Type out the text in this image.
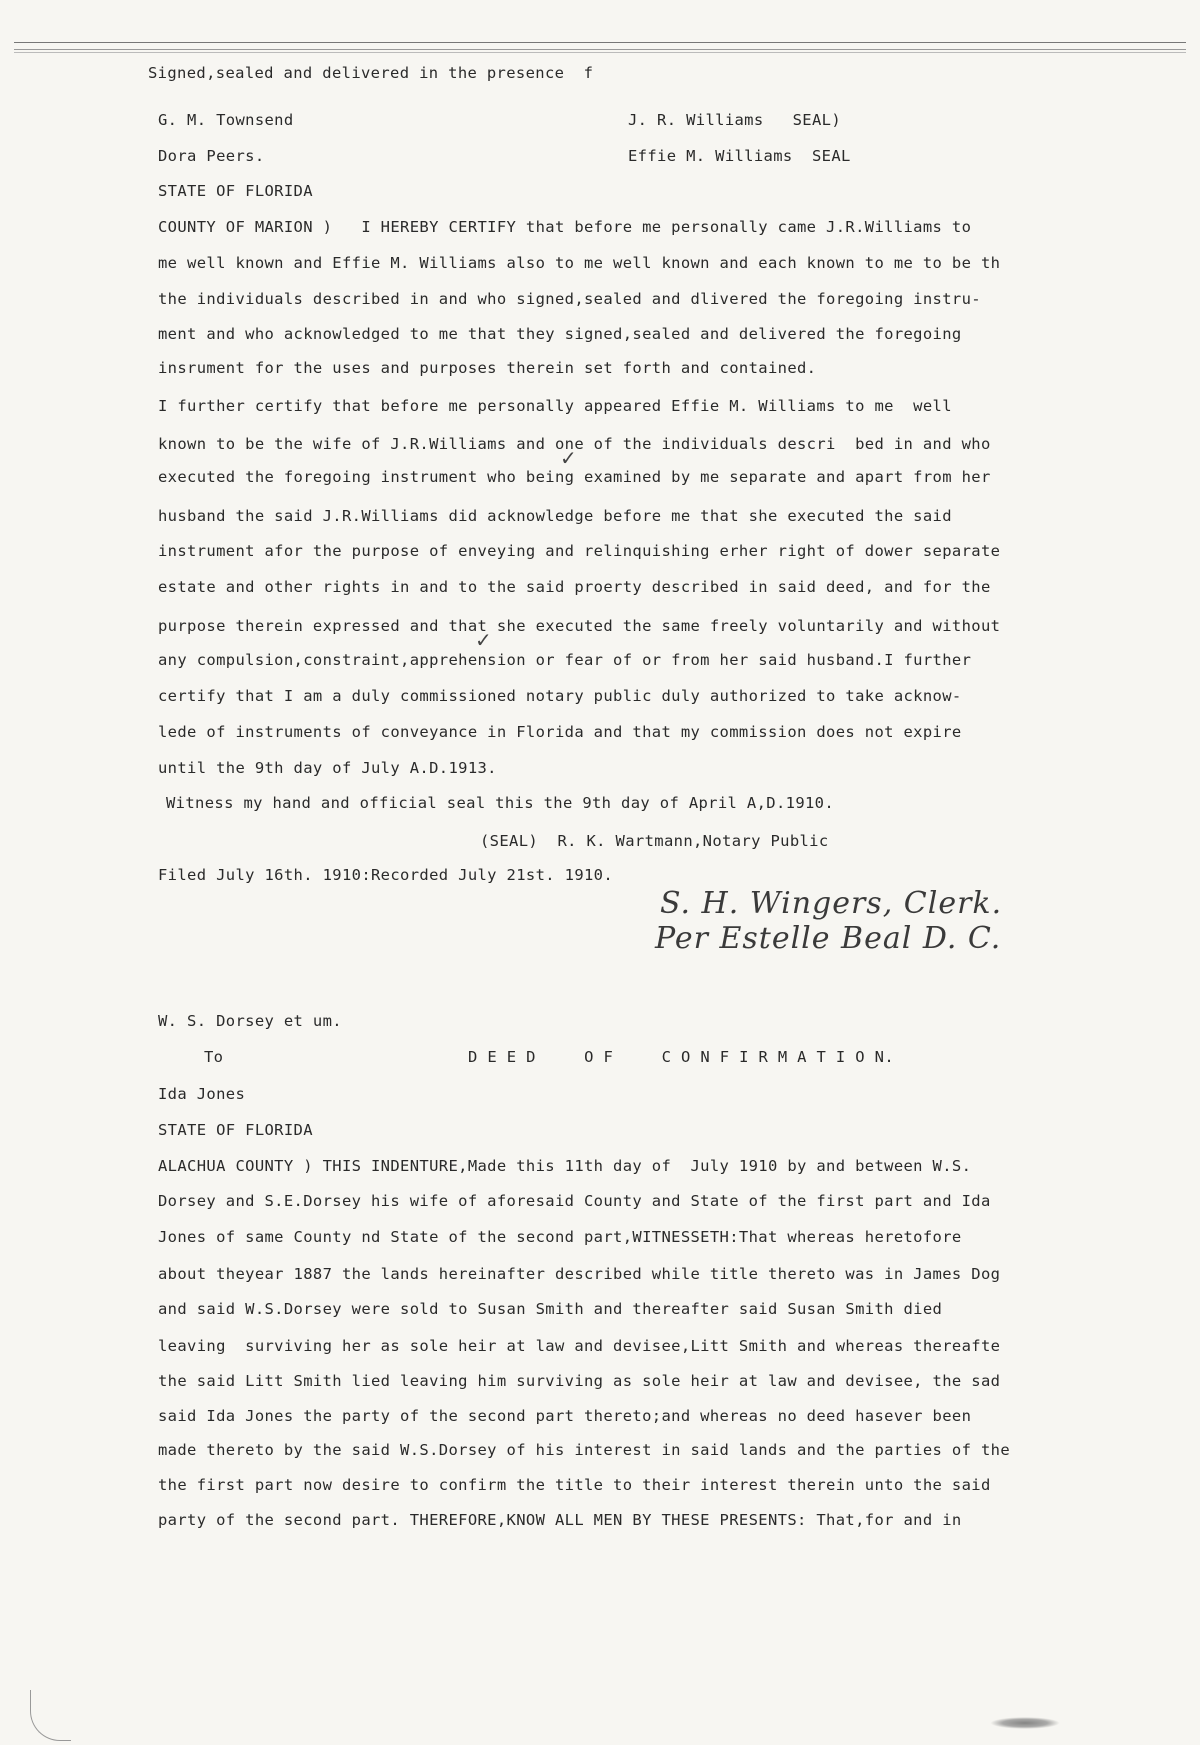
Signed,sealed and delivered in the presence  f
G. M. Townsend	J. R. Williams   SEAL)
Dora Peers.	Effie M. Williams  SEAL
STATE OF FLORIDA
COUNTY OF MARION )   I HEREBY CERTIFY that before me personally came J.R.Williams to
me well known and Effie M. Williams also to me well known and each known to me to be th
the individuals described in and who signed,sealed and dlivered the foregoing instru-
ment and who acknowledged to me that they signed,sealed and delivered the foregoing
insrument for the uses and purposes therein set forth and contained.
I further certify that before me personally appeared Effie M. Williams to me  well
known to be the wife of J.R.Williams and one of the individuals descri  bed in and who
✓
executed the foregoing instrument who being examined by me separate and apart from her
husband the said J.R.Williams did acknowledge before me that she executed the said
instrument afor the purpose of enveying and relinquishing erher right of dower separate
estate and other rights in and to the said proerty described in said deed, and for the
purpose therein expressed and that she executed the same freely voluntarily and without
✓
any compulsion,constraint,apprehension or fear of or from her said husband.I further
certify that I am a duly commissioned notary public duly authorized to take acknow-
lede of instruments of conveyance in Florida and that my commission does not expire
until the 9th day of July A.D.1913.
Witness my hand and official seal this the 9th day of April A,D.1910.
(SEAL)  R. K. Wartmann,Notary Public
Filed July 16th. 1910:Recorded July 21st. 1910.
S. H. Wingers, Clerk.
Per Estelle Beal D. C.
W. S. Dorsey et um.
To	D E E D     O F     C O N F I R M A T I O N.
Ida Jones
STATE OF FLORIDA
ALACHUA COUNTY ) THIS INDENTURE,Made this 11th day of  July 1910 by and between W.S.
Dorsey and S.E.Dorsey his wife of aforesaid County and State of the first part and Ida
Jones of same County nd State of the second part,WITNESSETH:That whereas heretofore
about theyear 1887 the lands hereinafter described while title thereto was in James Dog
and said W.S.Dorsey were sold to Susan Smith and thereafter said Susan Smith died
leaving  surviving her as sole heir at law and devisee,Litt Smith and whereas thereafte
the said Litt Smith lied leaving him surviving as sole heir at law and devisee, the sad
said Ida Jones the party of the second part thereto;and whereas no deed hasever been
made thereto by the said W.S.Dorsey of his interest in said lands and the parties of the
the first part now desire to confirm the title to their interest therein unto the said
party of the second part. THEREFORE,KNOW ALL MEN BY THESE PRESENTS: That,for and in
